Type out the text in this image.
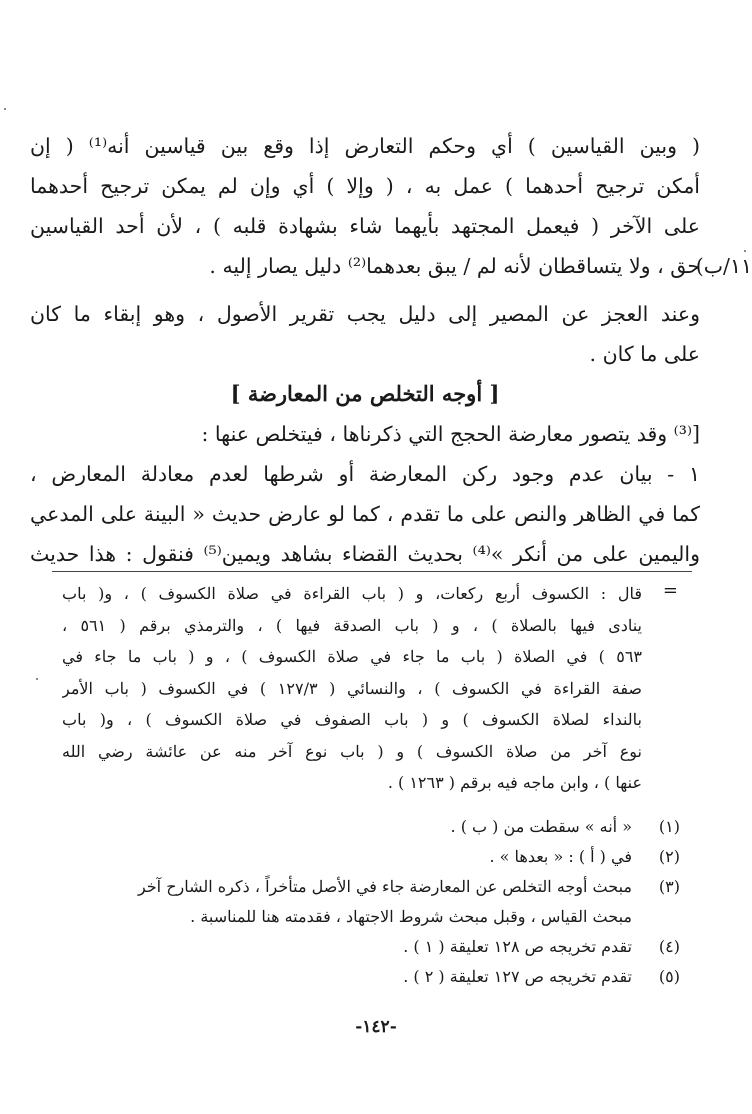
( وبين القياسين ) أي وحكم التعارض إذا وقع بين قياسين أنه⁽¹⁾ ( إن
أمكن ترجيح أحدهما ) عمل به ، ( وإلا ) أي وإن لم يمكن ترجيح أحدهما
على الآخر ( فيعمل المجتهد بأيهما شاء بشهادة قلبه ) ، لأن أحد القياسين
حق ، ولا يتساقطان لأنه لم / يبق بعدهما⁽²⁾ دليل يصار إليه .
وعند العجز عن المصير إلى دليل يجب تقرير الأصول ، وهو إبقاء ما كان
على ما كان .
[ أوجه التخلص من المعارضة ]
[⁽³⁾ وقد يتصور معارضة الحجج التي ذكرناها ، فيتخلص عنها :
١ - بيان عدم وجود ركن المعارضة أو شرطها لعدم معادلة المعارض ،
كما في الظاهر والنص على ما تقدم ، كما لو عارض حديث « البينة على المدعي
واليمين على من أنكر »⁽⁴⁾ بحديث القضاء بشاهد ويمين⁽⁵⁾ فنقول : هذا حديث
١١/ب)
=
قال : الكسوف أربع ركعات، و ( باب القراءة في صلاة الكسوف ) ، و( باب
ينادى فيها بالصلاة ) ، و ( باب الصدقة فيها ) ، والترمذي برقم ( ٥٦١ ،
٥٦٣ ) في الصلاة ( باب ما جاء في صلاة الكسوف ) ، و ( باب ما جاء في
صفة القراءة في الكسوف ) ، والنسائي ( ١٢٧/٣ ) في الكسوف ( باب الأمر
بالنداء لصلاة الكسوف ) و ( باب الصفوف في صلاة الكسوف ) ، و( باب
نوع آخر من صلاة الكسوف ) و ( باب نوع آخر منه عن عائشة رضي الله
عنها ) ، وابن ماجه فيه برقم ( ١٢٦٣ ) .
(١)
« أنه » سقطت من ( ب ) .
(٢)
في ( أ ) : « بعدها » .
(٣)
مبحث أوجه التخلص عن المعارضة جاء في الأصل متأخراً ، ذكره الشارح آخر
مبحث القياس ، وقبل مبحث شروط الاجتهاد ، فقدمته هنا للمناسبة .
(٤)
تقدم تخريجه ص ١٢٨ تعليقة ( ١ ) .
(٥)
تقدم تخريجه ص ١٢٧ تعليقة ( ٢ ) .
-١٤٢-
